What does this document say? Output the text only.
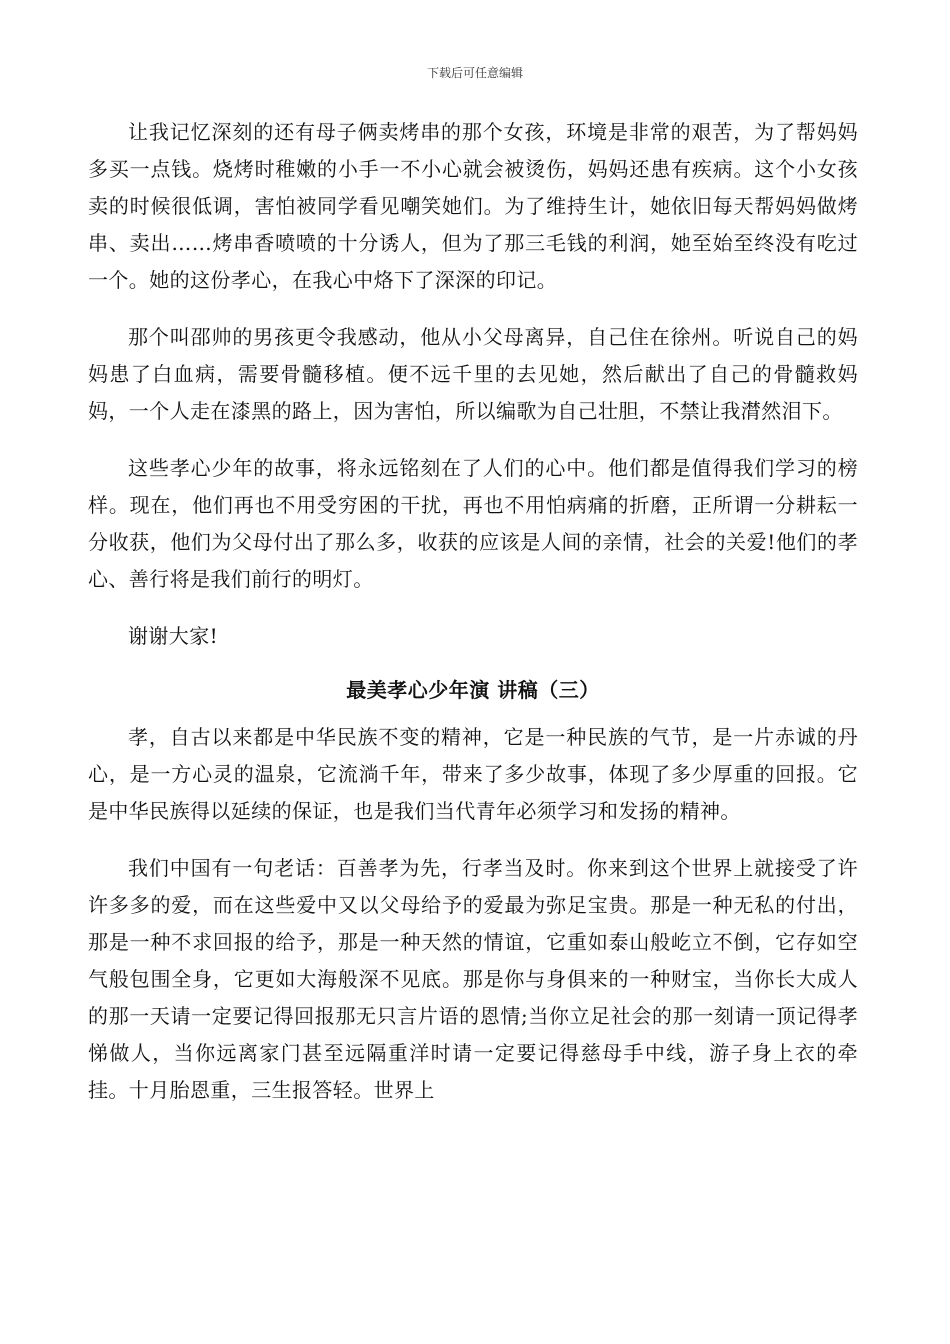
下载后可任意编辑

让我记忆深刻的还有母子俩卖烤串的那个女孩，环境是非常的艰苦，为了帮妈妈多买一点钱。烧烤时稚嫩的小手一不小心就会被烫伤，妈妈还患有疾病。这个小女孩卖的时候很低调，害怕被同学看见嘲笑她们。为了维持生计，她依旧每天帮妈妈做烤串、卖出……烤串香喷喷的十分诱人，但为了那三毛钱的利润，她至始至终没有吃过一个。她的这份孝心，在我心中烙下了深深的印记。

那个叫邵帅的男孩更令我感动，他从小父母离异，自己住在徐州。听说自己的妈妈患了白血病，需要骨髓移植。便不远千里的去见她，然后献出了自己的骨髓救妈妈，一个人走在漆黑的路上，因为害怕，所以编歌为自己壮胆，不禁让我潸然泪下。

这些孝心少年的故事，将永远铭刻在了人们的心中。他们都是值得我们学习的榜样。现在，他们再也不用受穷困的干扰，再也不用怕病痛的折磨，正所谓一分耕耘一分收获，他们为父母付出了那么多，收获的应该是人间的亲情，社会的关爱!他们的孝心、善行将是我们前行的明灯。

谢谢大家!

最美孝心少年演 讲稿（三）

孝，自古以来都是中华民族不变的精神，它是一种民族的气节，是一片赤诚的丹心，是一方心灵的温泉，它流淌千年，带来了多少故事，体现了多少厚重的回报。它是中华民族得以延续的保证，也是我们当代青年必须学习和发扬的精神。

我们中国有一句老话：百善孝为先，行孝当及时。你来到这个世界上就接受了许许多多的爱，而在这些爱中又以父母给予的爱最为弥足宝贵。那是一种无私的付出，那是一种不求回报的给予，那是一种天然的情谊，它重如泰山般屹立不倒，它存如空气般包围全身，它更如大海般深不见底。那是你与身俱来的一种财宝，当你长大成人的那一天请一定要记得回报那无只言片语的恩情;当你立足社会的那一刻请一顶记得孝悌做人，当你远离家门甚至远隔重洋时请一定要记得慈母手中线，游子身上衣的牵挂。十月胎恩重，三生报答轻。世界上
